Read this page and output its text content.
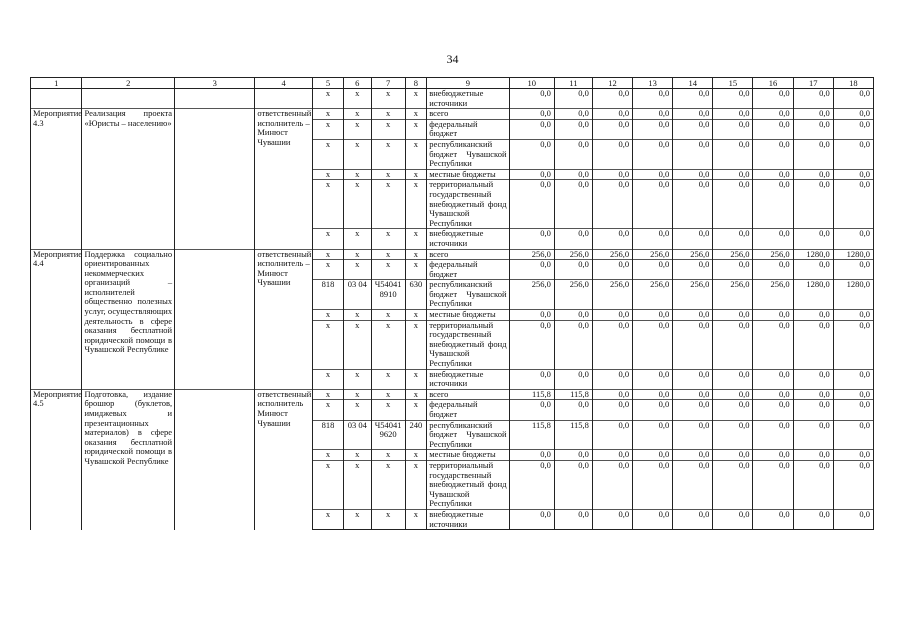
34
1	2	3	4	5	6	7	8	9	10	11	12	13	14	15	16	17	18
				x	x	x	x	внебюджетные источники	0,0	0,0	0,0	0,0	0,0	0,0	0,0	0,0	0,0
Мероприятие 4.3	Реализация проекта «Юристы – населению»		ответственный исполнитель – Минюст Чувашии	x	x	x	x	всего	0,0	0,0	0,0	0,0	0,0	0,0	0,0	0,0	0,0
				x	x	x	x	федеральный бюджет	0,0	0,0	0,0	0,0	0,0	0,0	0,0	0,0	0,0
				x	x	x	x	республиканский бюджет Чувашской Республики	0,0	0,0	0,0	0,0	0,0	0,0	0,0	0,0	0,0
				x	x	x	x	местные бюджеты	0,0	0,0	0,0	0,0	0,0	0,0	0,0	0,0	0,0
				x	x	x	x	территориальный государственный внебюджетный фонд Чувашской Республики	0,0	0,0	0,0	0,0	0,0	0,0	0,0	0,0	0,0
				x	x	x	x	внебюджетные источники	0,0	0,0	0,0	0,0	0,0	0,0	0,0	0,0	0,0
Мероприятие 4.4	Поддержка социально ориентированных некоммерческих организаций – исполнителей общественно полезных услуг, осуществляющих деятельность в сфере оказания бесплатной юридической помощи в Чувашской Республике		ответственный исполнитель – Минюст Чувашии	x	x	x	x	всего	256,0	256,0	256,0	256,0	256,0	256,0	256,0	1280,0	1280,0
				x	x	x	x	федеральный бюджет	0,0	0,0	0,0	0,0	0,0	0,0	0,0	0,0	0,0
				818	03 04	Ч54041 8910	630	республиканский бюджет Чувашской Республики	256,0	256,0	256,0	256,0	256,0	256,0	256,0	1280,0	1280,0
				x	x	x	x	местные бюджеты	0,0	0,0	0,0	0,0	0,0	0,0	0,0	0,0	0,0
				x	x	x	x	территориальный государственный внебюджетный фонд Чувашской Республики	0,0	0,0	0,0	0,0	0,0	0,0	0,0	0,0	0,0
				x	x	x	x	внебюджетные источники	0,0	0,0	0,0	0,0	0,0	0,0	0,0	0,0	0,0
Мероприятие 4.5	Подготовка, издание брошюр (буклетов, имиджевых и презентационных материалов) в сфере оказания бесплатной юридической помощи в Чувашской Республике		ответственный исполнитель Минюст Чувашии	x	x	x	x	всего	115,8	115,8	0,0	0,0	0,0	0,0	0,0	0,0	0,0
				x	x	x	x	федеральный бюджет	0,0	0,0	0,0	0,0	0,0	0,0	0,0	0,0	0,0
				818	03 04	Ч54041 9620	240	республиканский бюджет Чувашской Республики	115,8	115,8	0,0	0,0	0,0	0,0	0,0	0,0	0,0
				x	x	x	x	местные бюджеты	0,0	0,0	0,0	0,0	0,0	0,0	0,0	0,0	0,0
				x	x	x	x	территориальный государственный внебюджетный фонд Чувашской Республики	0,0	0,0	0,0	0,0	0,0	0,0	0,0	0,0	0,0
				x	x	x	x	внебюджетные источники	0,0	0,0	0,0	0,0	0,0	0,0	0,0	0,0	0,0
